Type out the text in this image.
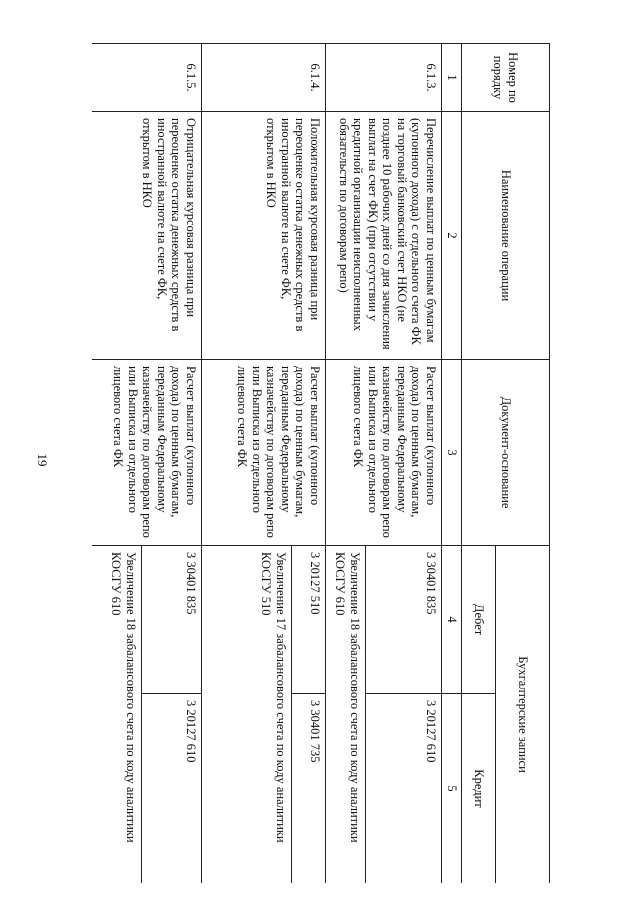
19
Номер по порядку	Наименование операции	Документ-основание	Бухгалтерские записи	
			Дебет	Кредит
1	2	3	4	5
6.1.3.	Перечисление выплат по ценным бумагам (купонного дохода) с отдельного счета ФК на торговый банковский счет НКО (не позднее 10 рабочих дней со дня зачисления выплат на счет ФК) (при отсутствии у кредитной организации неисполненных обязательств по договорам репо)	Расчет выплат (купонного дохода) по ценным бумагам, переданным Федеральному казначейству по договорам репо или Выписка из отдельного лицевого счета ФК	3 30401 835	3 20127 610
			Увеличение 18 забалансового счета по коду аналитики КОСГУ 610	
6.1.4.	Положительная курсовая разница при переоценке остатка денежных средств в иностранной валюте на счете ФК, открытом в НКО	Расчет выплат (купонного дохода) по ценным бумагам, переданным Федеральному казначейству по договорам репо или Выписка из отдельного лицевого счета ФК	3 20127 510	3 30401 735
			Увеличение 17 забалансового счета по коду аналитики КОСГУ 510	
6.1.5.	Отрицательная курсовая разница при переоценке остатка денежных средств в иностранной валюте на счете ФК, открытом в НКО	Расчет выплат (купонного дохода) по ценным бумагам, переданным Федеральному казначейству по договорам репо или Выписка из отдельного лицевого счета ФК	3 30401 835	3 20127 610
			Увеличение 18 забалансового счета по коду аналитики КОСГУ 610	
